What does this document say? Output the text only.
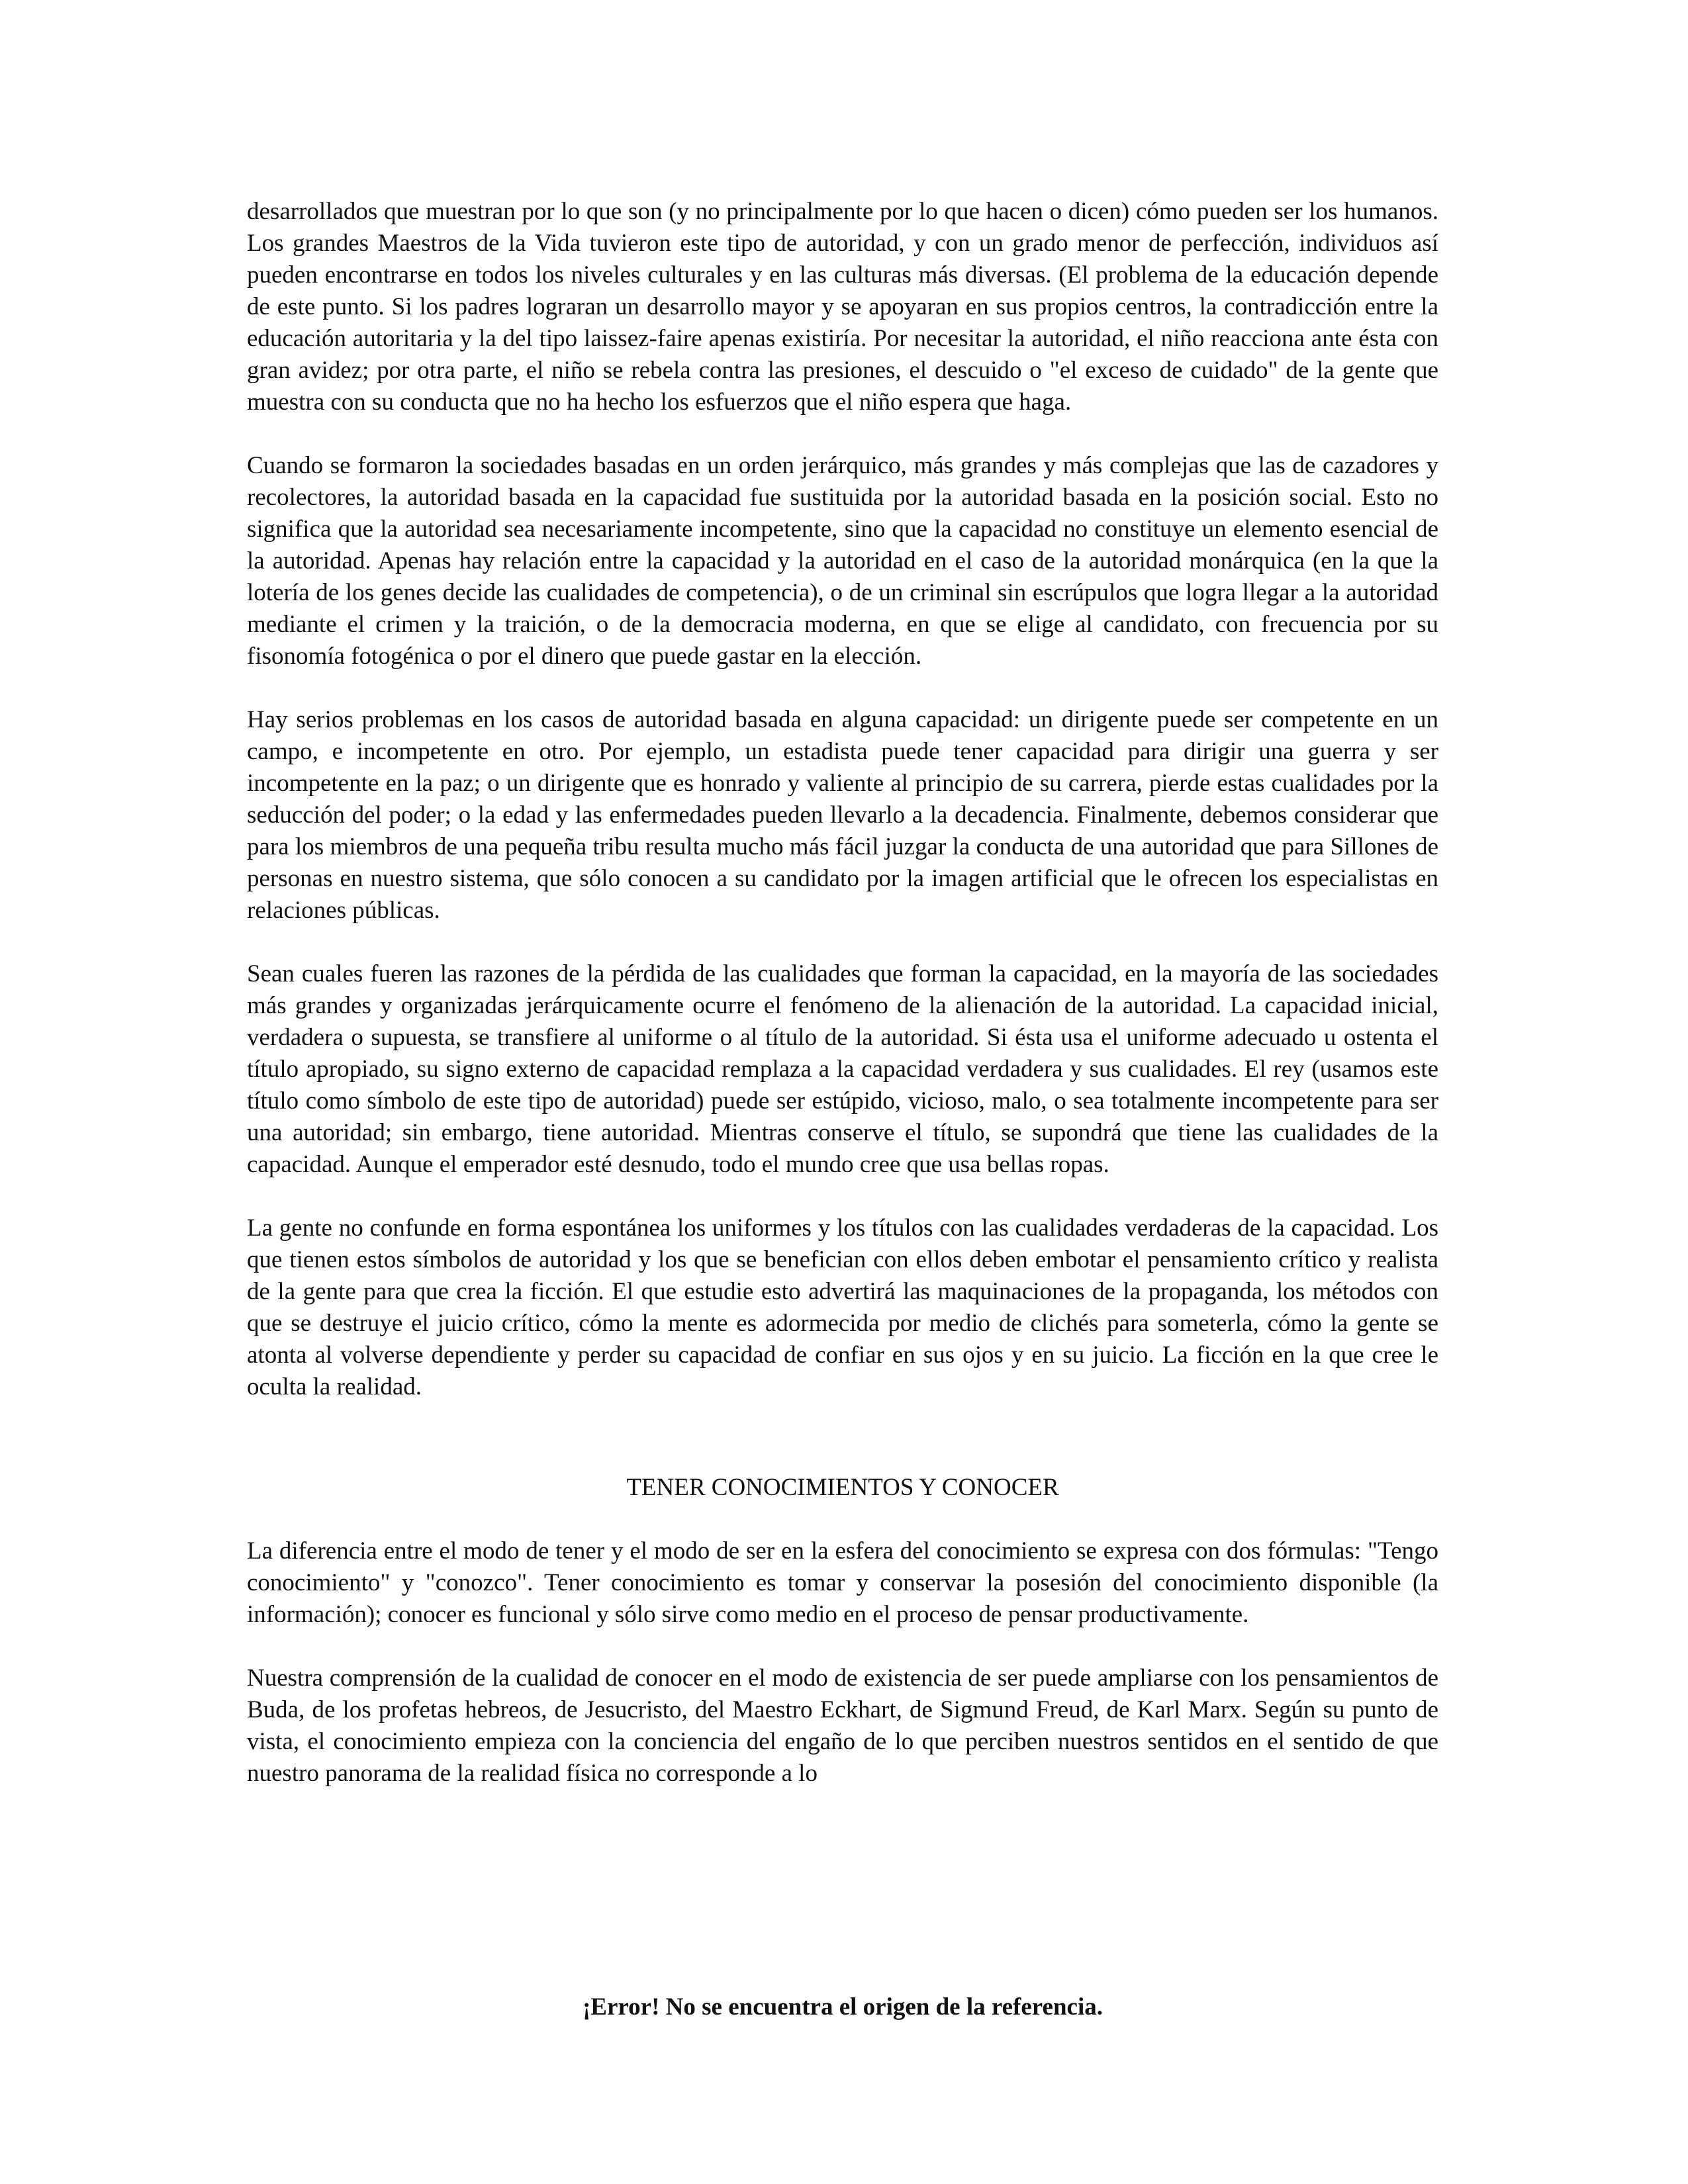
desarrollados que muestran por lo que son (y no principalmente por lo que hacen o dicen) cómo pueden ser los humanos. Los grandes Maestros de la Vida tuvieron este tipo de autoridad, y con un grado menor de perfección, individuos así pueden encontrarse en todos los niveles culturales y en las culturas más diversas. (El problema de la educación depende de este punto. Si los padres lograran un desarrollo mayor y se apoyaran en sus propios centros, la contradicción entre la educación autoritaria y la del tipo laissez-faire apenas existiría. Por necesitar la autoridad, el niño reacciona ante ésta con gran avidez; por otra parte, el niño se rebela contra las presiones, el descuido o "el exceso de cuidado" de la gente que muestra con su conducta que no ha hecho los esfuerzos que el niño espera que haga.

Cuando se formaron la sociedades basadas en un orden jerárquico, más grandes y más complejas que las de cazadores y recolectores, la autoridad basada en la capacidad fue sustituida por la autoridad basada en la posición social. Esto no significa que la autoridad sea necesariamente incompetente, sino que la capacidad no constituye un elemento esencial de la autoridad. Apenas hay relación entre la capacidad y la autoridad en el caso de la autoridad monárquica (en la que la lotería de los genes decide las cualidades de competencia), o de un criminal sin escrúpulos que logra llegar a la autoridad mediante el crimen y la traición, o de la democracia moderna, en que se elige al candidato, con frecuencia por su fisonomía fotogénica o por el dinero que puede gastar en la elección.

Hay serios problemas en los casos de autoridad basada en alguna capacidad: un dirigente puede ser competente en un campo, e incompetente en otro. Por ejemplo, un estadista puede tener capacidad para dirigir una guerra y ser incompetente en la paz; o un dirigente que es honrado y valiente al principio de su carrera, pierde estas cualidades por la seducción del poder; o la edad y las enfermedades pueden llevarlo a la decadencia. Finalmente, debemos considerar que para los miembros de una pequeña tribu resulta mucho más fácil juzgar la conducta de una autoridad que para Sillones de personas en nuestro sistema, que sólo conocen a su candidato por la imagen artificial que le ofrecen los especialistas en relaciones públicas.

Sean cuales fueren las razones de la pérdida de las cualidades que forman la capacidad, en la mayoría de las sociedades más grandes y organizadas jerárquicamente ocurre el fenómeno de la alienación de la autoridad. La capacidad inicial, verdadera o supuesta, se transfiere al uniforme o al título de la autoridad. Si ésta usa el uniforme adecuado u ostenta el título apropiado, su signo externo de capacidad remplaza a la capacidad verdadera y sus cualidades. El rey (usamos este título como símbolo de este tipo de autoridad) puede ser estúpido, vicioso, malo, o sea totalmente incompetente para ser una autoridad; sin embargo, tiene autoridad. Mientras conserve el título, se supondrá que tiene las cualidades de la capacidad. Aunque el emperador esté desnudo, todo el mundo cree que usa bellas ropas.

La gente no confunde en forma espontánea los uniformes y los títulos con las cualidades verdaderas de la capacidad. Los que tienen estos símbolos de autoridad y los que se benefician con ellos deben embotar el pensamiento crítico y realista de la gente para que crea la ficción. El que estudie esto advertirá las maquinaciones de la propaganda, los métodos con que se destruye el juicio crítico, cómo la mente es adormecida por medio de clichés para someterla, cómo la gente se atonta al volverse dependiente y perder su capacidad de confiar en sus ojos y en su juicio. La ficción en la que cree le oculta la realidad.

TENER CONOCIMIENTOS Y CONOCER

La diferencia entre el modo de tener y el modo de ser en la esfera del conocimiento se expresa con dos fórmulas: "Tengo conocimiento" y "conozco". Tener conocimiento es tomar y conservar la posesión del conocimiento disponible (la información); conocer es funcional y sólo sirve como medio en el proceso de pensar productivamente.

Nuestra comprensión de la cualidad de conocer en el modo de existencia de ser puede ampliarse con los pensamientos de Buda, de los profetas hebreos, de Jesucristo, del Maestro Eckhart, de Sigmund Freud, de Karl Marx. Según su punto de vista, el conocimiento empieza con la conciencia del engaño de lo que perciben nuestros sentidos en el sentido de que nuestro panorama de la realidad física no corresponde a lo

¡Error! No se encuentra el origen de la referencia.
